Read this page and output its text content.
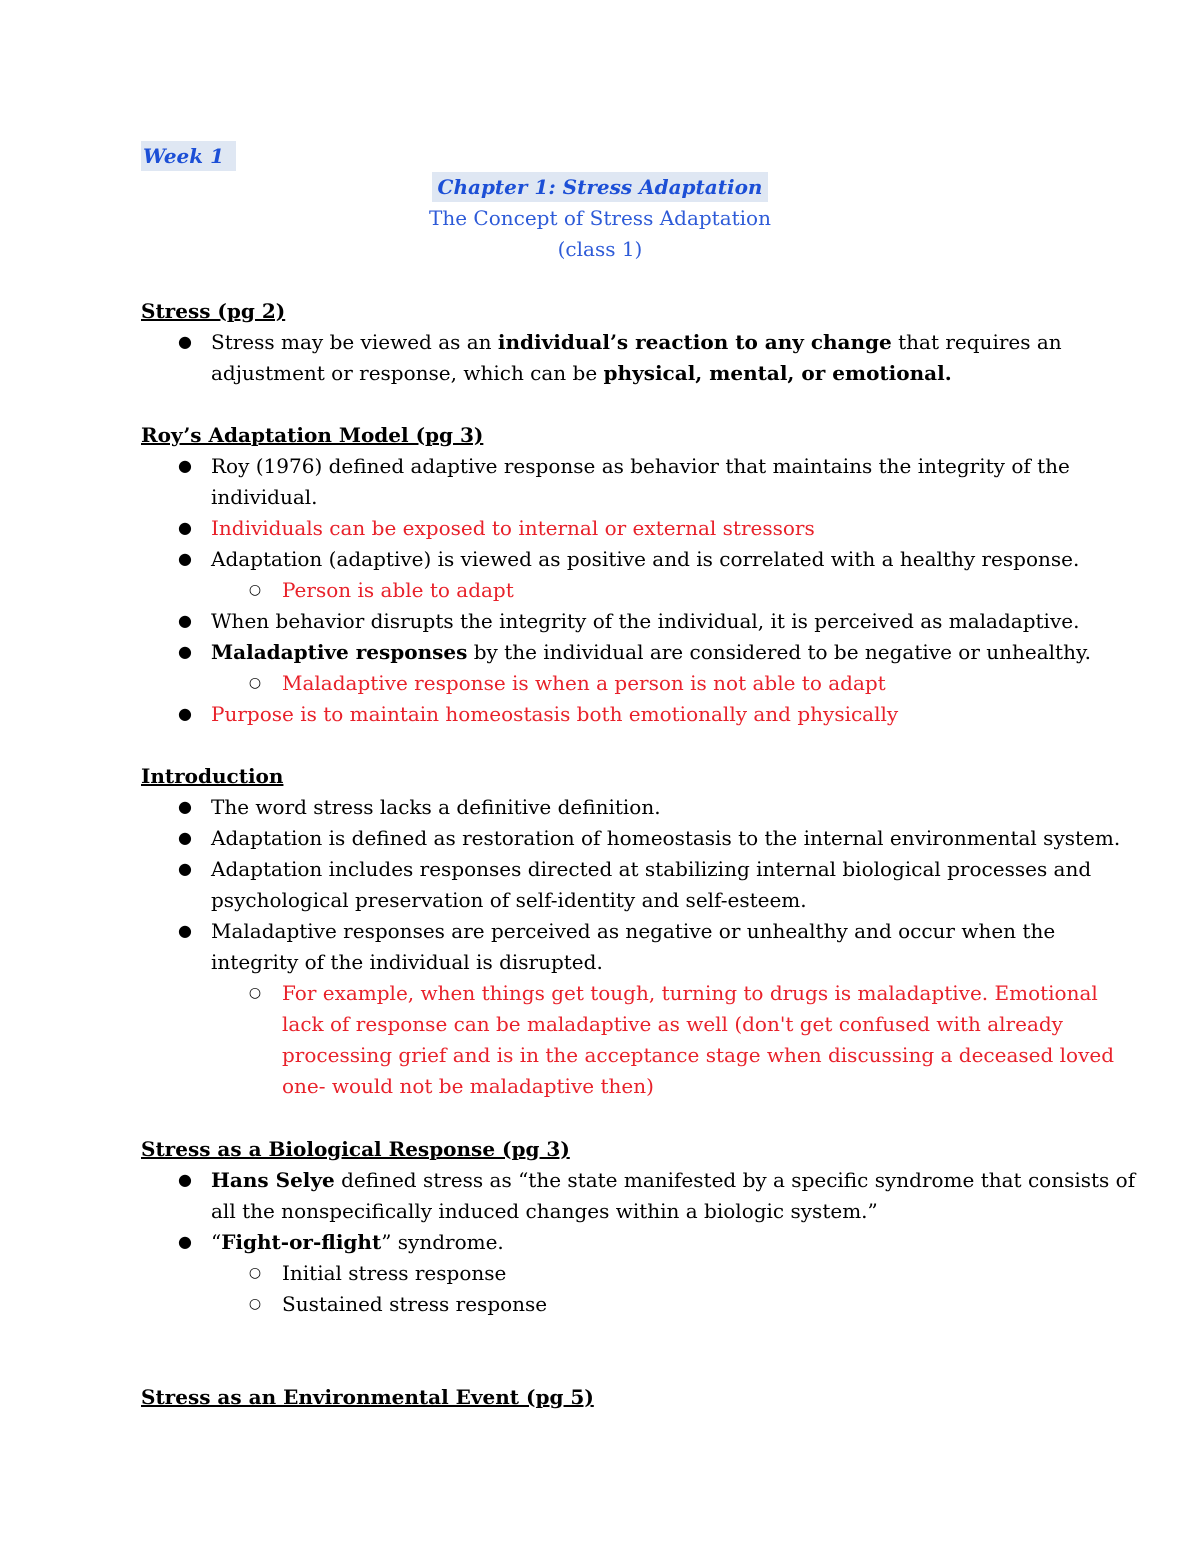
Week 1
Chapter 1: Stress Adaptation
The Concept of Stress Adaptation
(class 1)
Stress (pg 2)
● Stress may be viewed as an individual’s reaction to any change that requires an
adjustment or response, which can be physical, mental, or emotional.
Roy’s Adaptation Model (pg 3)
● Roy (1976) defined adaptive response as behavior that maintains the integrity of the
individual.
● Individuals can be exposed to internal or external stressors
● Adaptation (adaptive) is viewed as positive and is correlated with a healthy response.
○ Person is able to adapt
● When behavior disrupts the integrity of the individual, it is perceived as maladaptive.
● Maladaptive responses by the individual are considered to be negative or unhealthy.
○ Maladaptive response is when a person is not able to adapt
● Purpose is to maintain homeostasis both emotionally and physically
Introduction
● The word stress lacks a definitive definition.
● Adaptation is defined as restoration of homeostasis to the internal environmental system.
● Adaptation includes responses directed at stabilizing internal biological processes and
psychological preservation of self-identity and self-esteem.
● Maladaptive responses are perceived as negative or unhealthy and occur when the
integrity of the individual is disrupted.
○ For example, when things get tough, turning to drugs is maladaptive. Emotional
lack of response can be maladaptive as well (don't get confused with already
processing grief and is in the acceptance stage when discussing a deceased loved
one- would not be maladaptive then)
Stress as a Biological Response (pg 3)
● Hans Selye defined stress as “the state manifested by a specific syndrome that consists of
all the nonspecifically induced changes within a biologic system.”
● “Fight-or-flight” syndrome.
○ Initial stress response
○ Sustained stress response
Stress as an Environmental Event (pg 5)
